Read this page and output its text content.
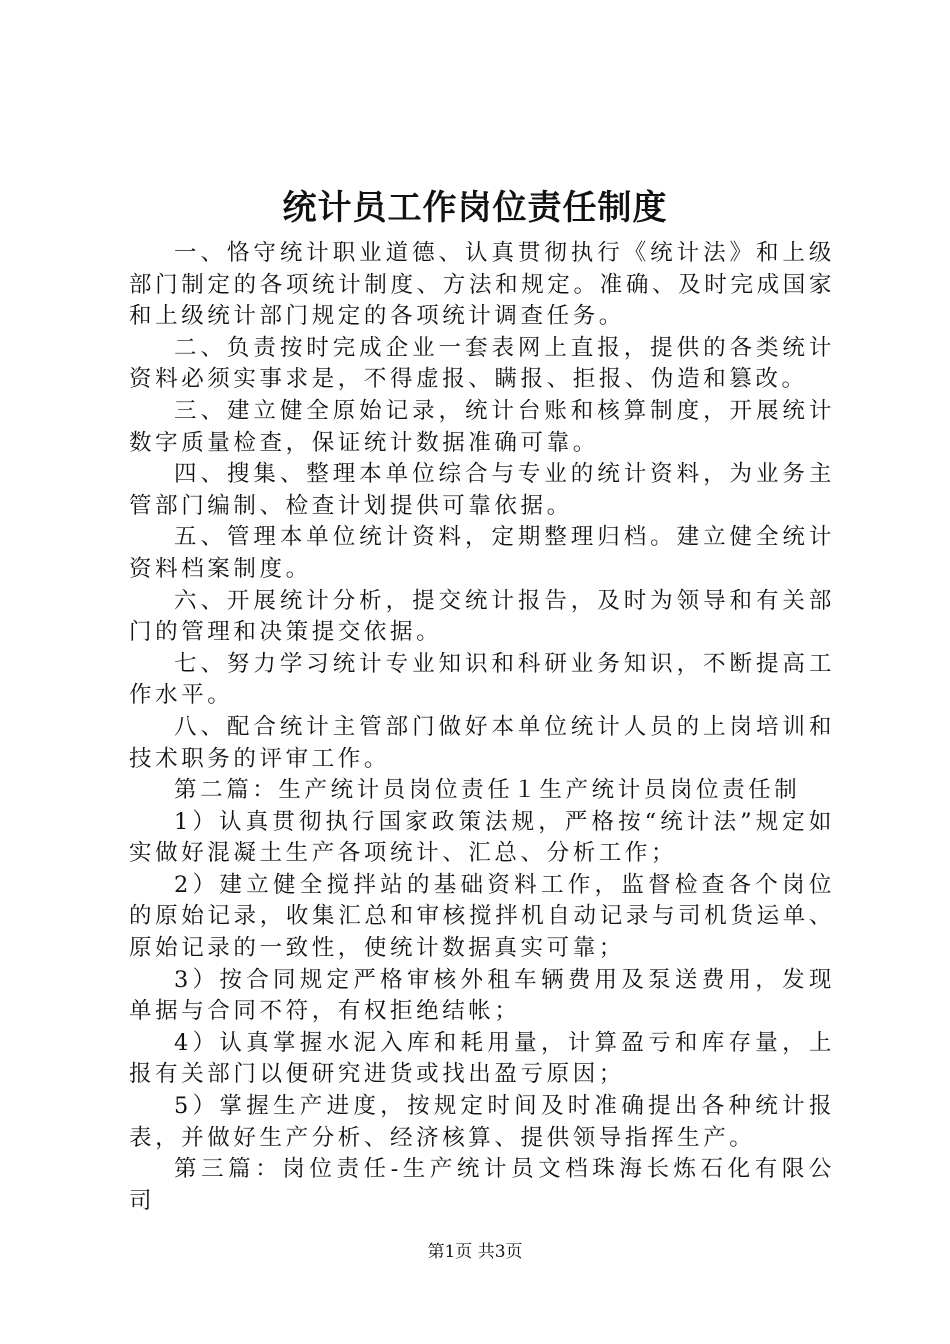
统计员工作岗位责任制度

一、恪守统计职业道德、认真贯彻执行《统计法》和上级部门制定的各项统计制度、方法和规定。准确、及时完成国家和上级统计部门规定的各项统计调查任务。

二、负责按时完成企业一套表网上直报，提供的各类统计资料必须实事求是，不得虚报、瞒报、拒报、伪造和篡改。

三、建立健全原始记录，统计台账和核算制度，开展统计数字质量检查，保证统计数据准确可靠。

四、搜集、整理本单位综合与专业的统计资料，为业务主管部门编制、检查计划提供可靠依据。

五、管理本单位统计资料，定期整理归档。建立健全统计资料档案制度。

六、开展统计分析，提交统计报告，及时为领导和有关部门的管理和决策提交依据。

七、努力学习统计专业知识和科研业务知识，不断提高工作水平。

八、配合统计主管部门做好本单位统计人员的上岗培训和技术职务的评审工作。

第二篇：生产统计员岗位责任１生产统计员岗位责任制

1）认真贯彻执行国家政策法规，严格按“统计法”规定如实做好混凝土生产各项统计、汇总、分析工作；

2）建立健全搅拌站的基础资料工作，监督检查各个岗位的原始记录，收集汇总和审核搅拌机自动记录与司机货运单、原始记录的一致性，使统计数据真实可靠；

3）按合同规定严格审核外租车辆费用及泵送费用，发现单据与合同不符，有权拒绝结帐；

4）认真掌握水泥入库和耗用量，计算盈亏和库存量，上报有关部门以便研究进货或找出盈亏原因；

5）掌握生产进度，按规定时间及时准确提出各种统计报表，并做好生产分析、经济核算、提供领导指挥生产。

第三篇：岗位责任-生产统计员文档珠海长炼石化有限公司

第1页 共3页
